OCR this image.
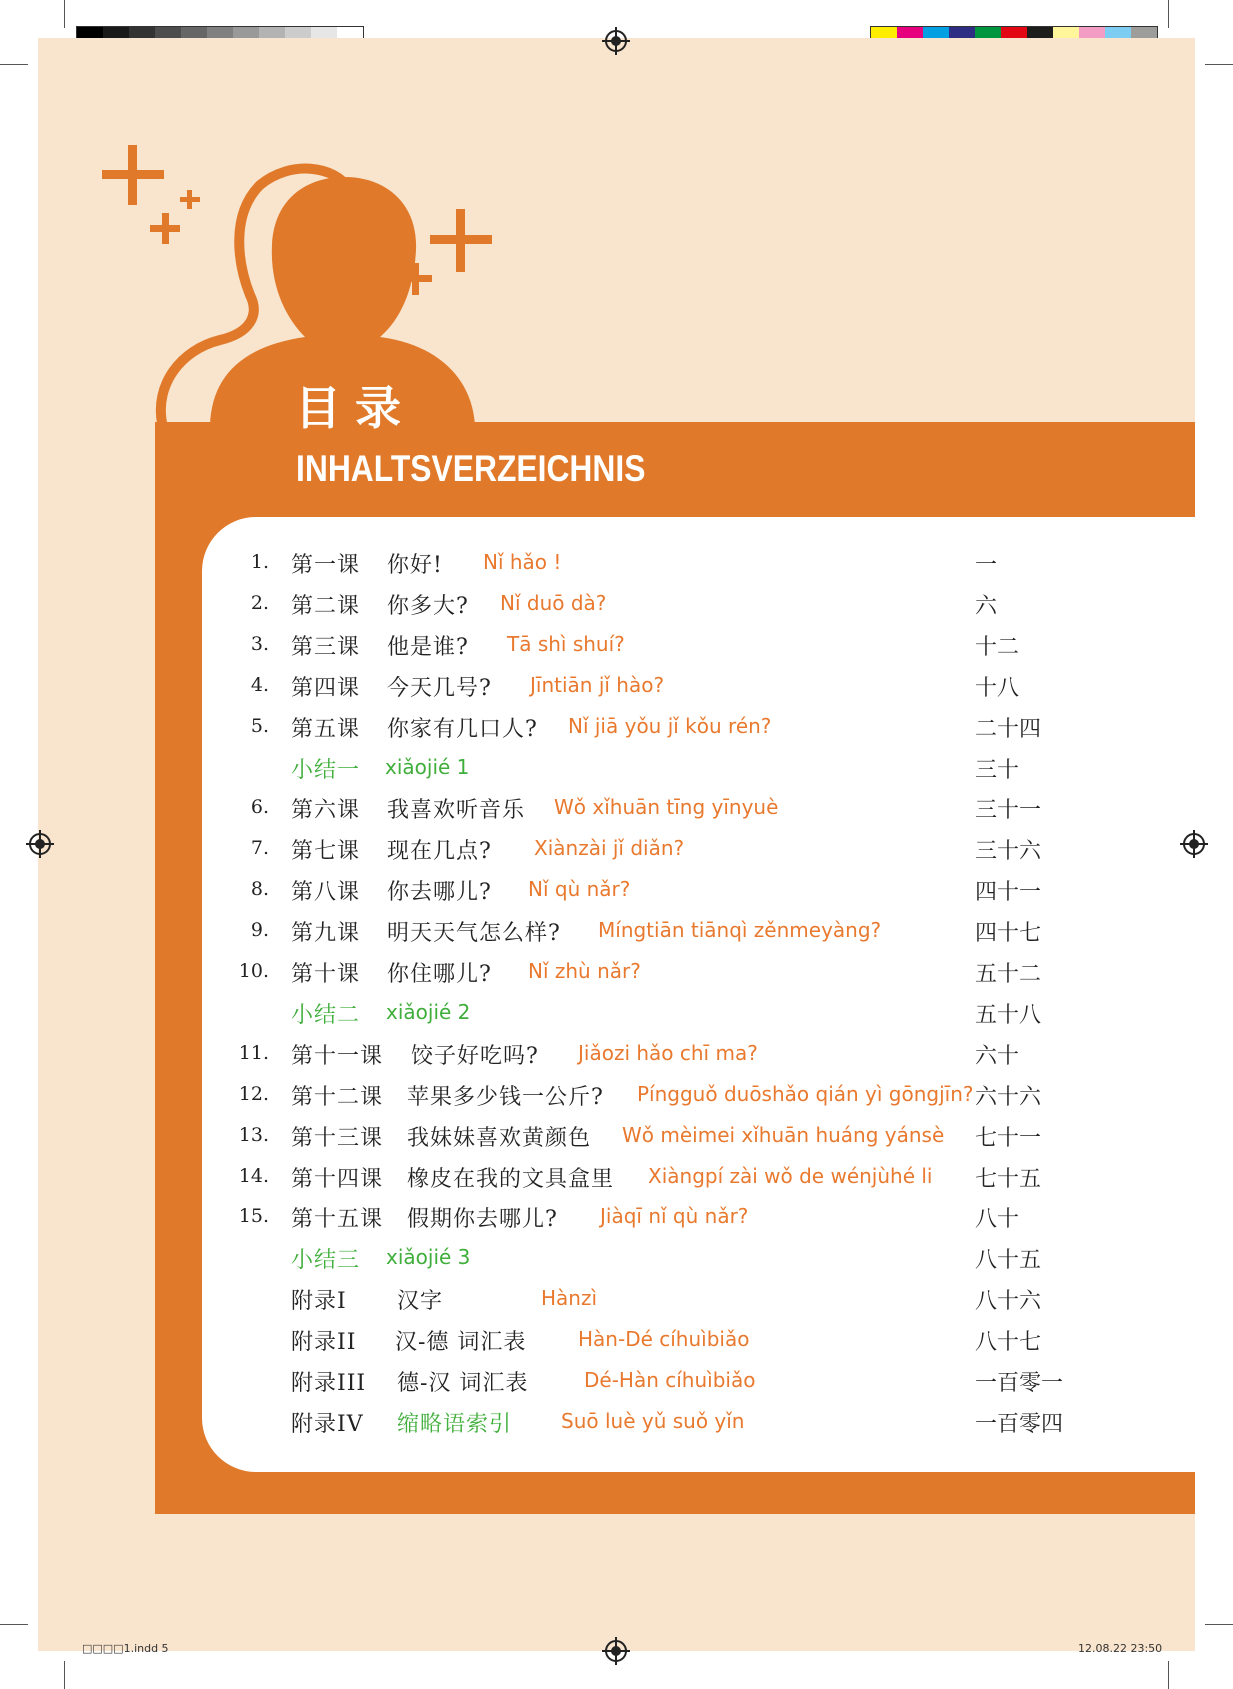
目录
INHALTSVERZEICHNIS
1. 第一课 你好! Nǐ hǎo !	一
2. 第二课 你多大? Nǐ duō dà?	六
3. 第三课 他是谁? Tā shì shuí?	十二
4. 第四课 今天几号? Jīntiān jǐ hào?	十八
5. 第五课 你家有几口人? Nǐ jiā yǒu jǐ kǒu rén?	二十四
小结一 xiǎojié 1	三十
6. 第六课 我喜欢听音乐 Wǒ xǐhuān tīng yīnyuè	三十一
7. 第七课 现在几点? Xiànzài jǐ diǎn?	三十六
8. 第八课 你去哪儿? Nǐ qù nǎr?	四十一
9. 第九课 明天天气怎么样? Míngtiān tiānqì zěnmeyàng?	四十七
10. 第十课 你住哪儿? Nǐ zhù nǎr?	五十二
小结二 xiǎojié 2	五十八
11. 第十一课 饺子好吃吗? Jiǎozi hǎo chī ma?	六十
12. 第十二课 苹果多少钱一公斤? Píngguǒ duōshǎo qián yì gōngjīn? 六十六
13. 第十三课 我妹妹喜欢黄颜色 Wǒ mèimei xǐhuān huáng yánsè 七十一
14. 第十四课 橡皮在我的文具盒里 Xiàngpí zài wǒ de wénjùhé li 七十五
15. 第十五课 假期你去哪儿? Jiàqī nǐ qù nǎr?	八十
小结三 xiǎojié 3	八十五
附录I 汉字	Hànzì	八十六
附录II 汉-德 词汇表	Hàn-Dé cíhuìbiǎo	八十七
附录III 德-汉 词汇表	Dé-Hàn cíhuìbiǎo	一百零一
附录IV 缩略语索引 Suō luè yǔ suǒ yǐn	一百零四
□□□□1.indd 5	12.08.22 23:50
